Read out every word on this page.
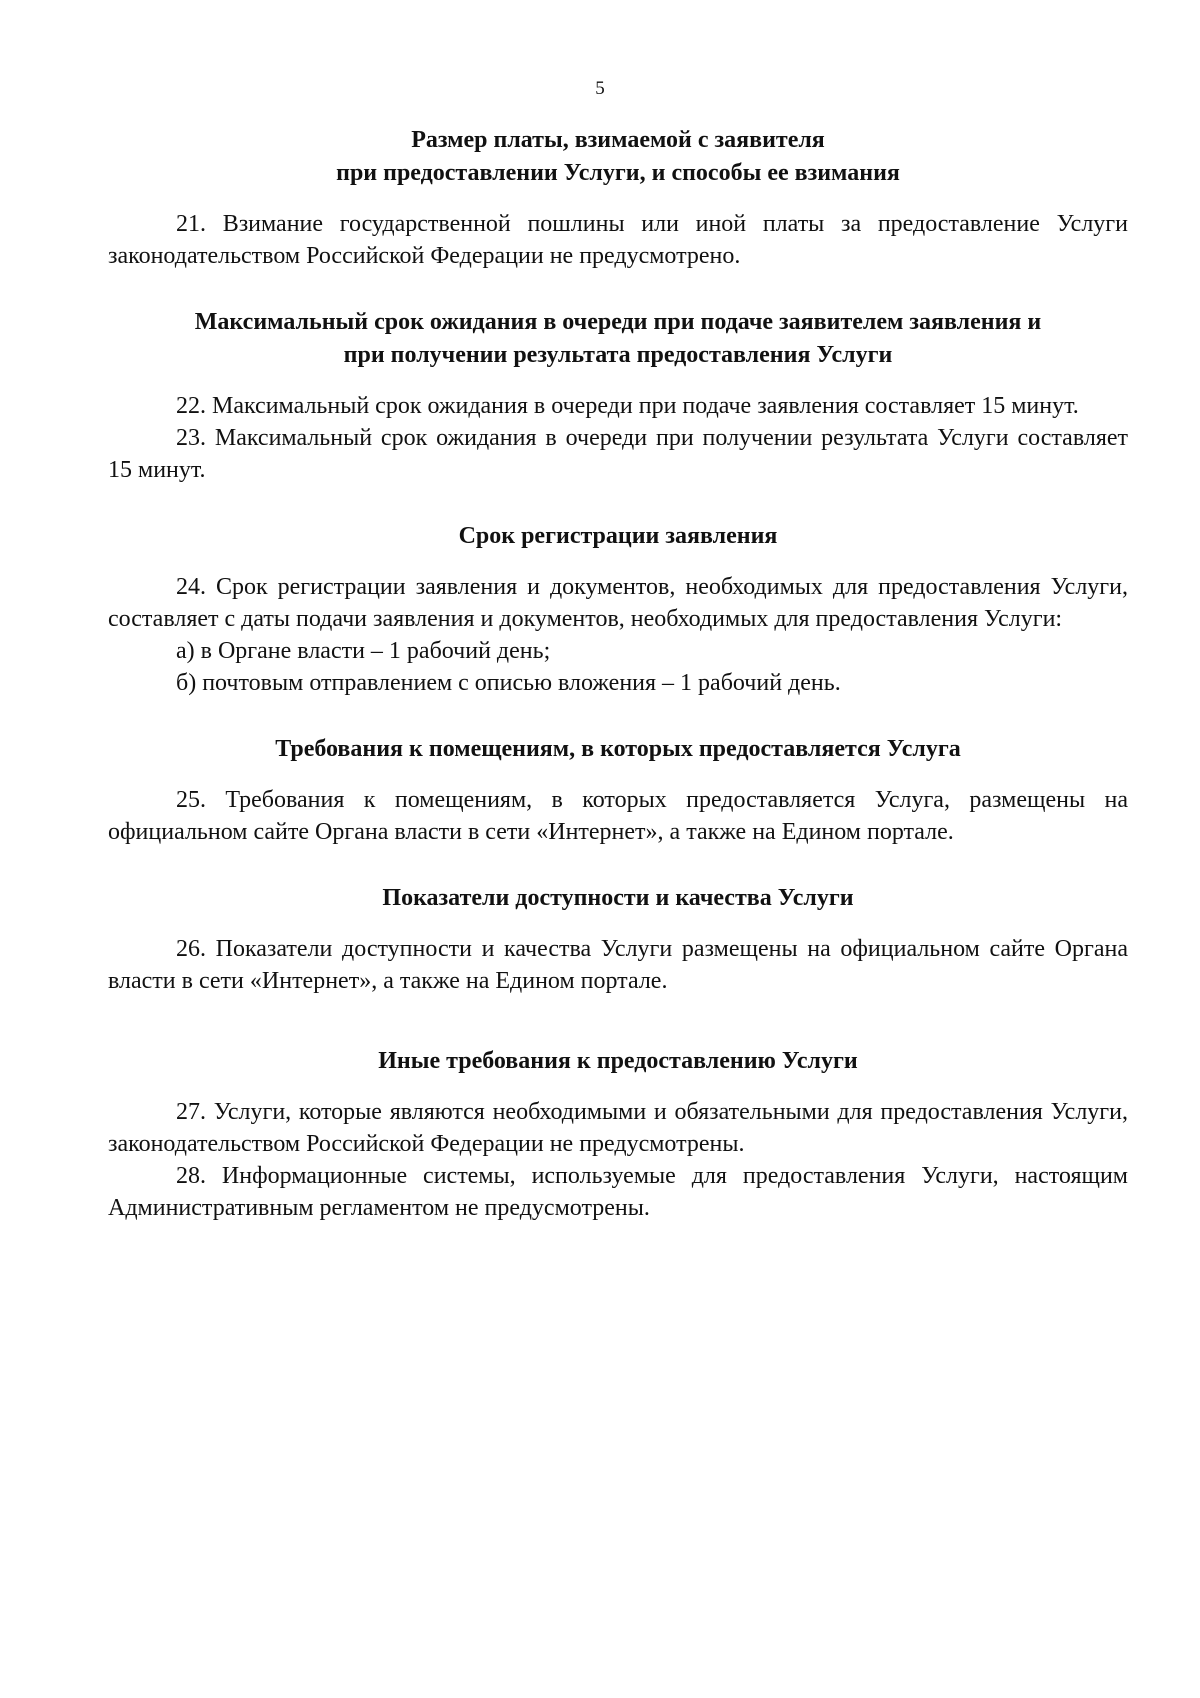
5

Размер платы, взимаемой с заявителя

при предоставлении Услуги, и способы ее взимания

21. Взимание государственной пошлины или иной платы за предоставление Услуги законодательством Российской Федерации не предусмотрено.

Максимальный срок ожидания в очереди при подаче заявителем заявления и

при получении результата предоставления Услуги

22. Максимальный срок ожидания в очереди при подаче заявления составляет 15 минут.

23. Максимальный срок ожидания в очереди при получении результата Услуги составляет 15 минут.

Срок регистрации заявления

24. Срок регистрации заявления и документов, необходимых для предоставления Услуги, составляет с даты подачи заявления и документов, необходимых для предоставления Услуги:

а) в Органе власти – 1 рабочий день;

б) почтовым отправлением с описью вложения – 1 рабочий день.

Требования к помещениям, в которых предоставляется Услуга

25. Требования к помещениям, в которых предоставляется Услуга, размещены на официальном сайте Органа власти в сети «Интернет», а также на Едином портале.

Показатели доступности и качества Услуги

26. Показатели доступности и качества Услуги размещены на официальном сайте Органа власти в сети «Интернет», а также на Едином портале.

Иные требования к предоставлению Услуги

27. Услуги, которые являются необходимыми и обязательными для предоставления Услуги, законодательством Российской Федерации не предусмотрены.

28. Информационные системы, используемые для предоставления Услуги, настоящим Административным регламентом не предусмотрены.
